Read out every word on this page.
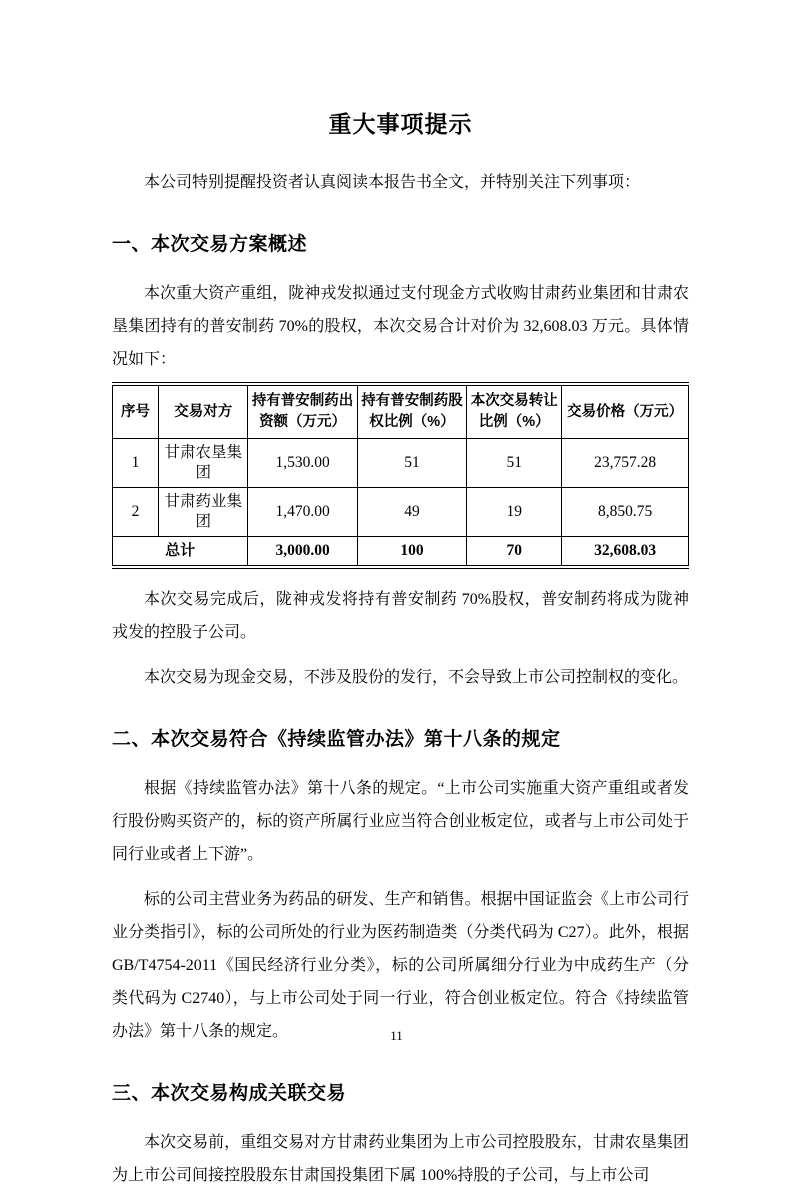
重大事项提示

本公司特别提醒投资者认真阅读本报告书全文，并特别关注下列事项：

一、本次交易方案概述

本次重大资产重组，陇神戎发拟通过支付现金方式收购甘肃药业集团和甘肃农垦集团持有的普安制药 70%的股权，本次交易合计对价为 32,608.03 万元。具体情况如下：

序号	交易对方	持有普安制药出资额（万元）	持有普安制药股权比例（%）	本次交易转让比例（%）	交易价格（万元）
1	甘肃农垦集团	1,530.00	51	51	23,757.28
2	甘肃药业集团	1,470.00	49	19	8,850.75
总计		3,000.00	100	70	32,608.03

本次交易完成后，陇神戎发将持有普安制药 70%股权，普安制药将成为陇神戎发的控股子公司。

本次交易为现金交易，不涉及股份的发行，不会导致上市公司控制权的变化。

二、本次交易符合《持续监管办法》第十八条的规定

根据《持续监管办法》第十八条的规定。“上市公司实施重大资产重组或者发行股份购买资产的，标的资产所属行业应当符合创业板定位，或者与上市公司处于同行业或者上下游”。

标的公司主营业务为药品的研发、生产和销售。根据中国证监会《上市公司行业分类指引》，标的公司所处的行业为医药制造类（分类代码为 C27）。此外，根据 GB/T4754-2011《国民经济行业分类》，标的公司所属细分行业为中成药生产（分类代码为 C2740），与上市公司处于同一行业，符合创业板定位。符合《持续监管办法》第十八条的规定。

三、本次交易构成关联交易

本次交易前，重组交易对方甘肃药业集团为上市公司控股股东，甘肃农垦集团为上市公司间接控股股东甘肃国投集团下属 100%持股的子公司，与上市公司

11
